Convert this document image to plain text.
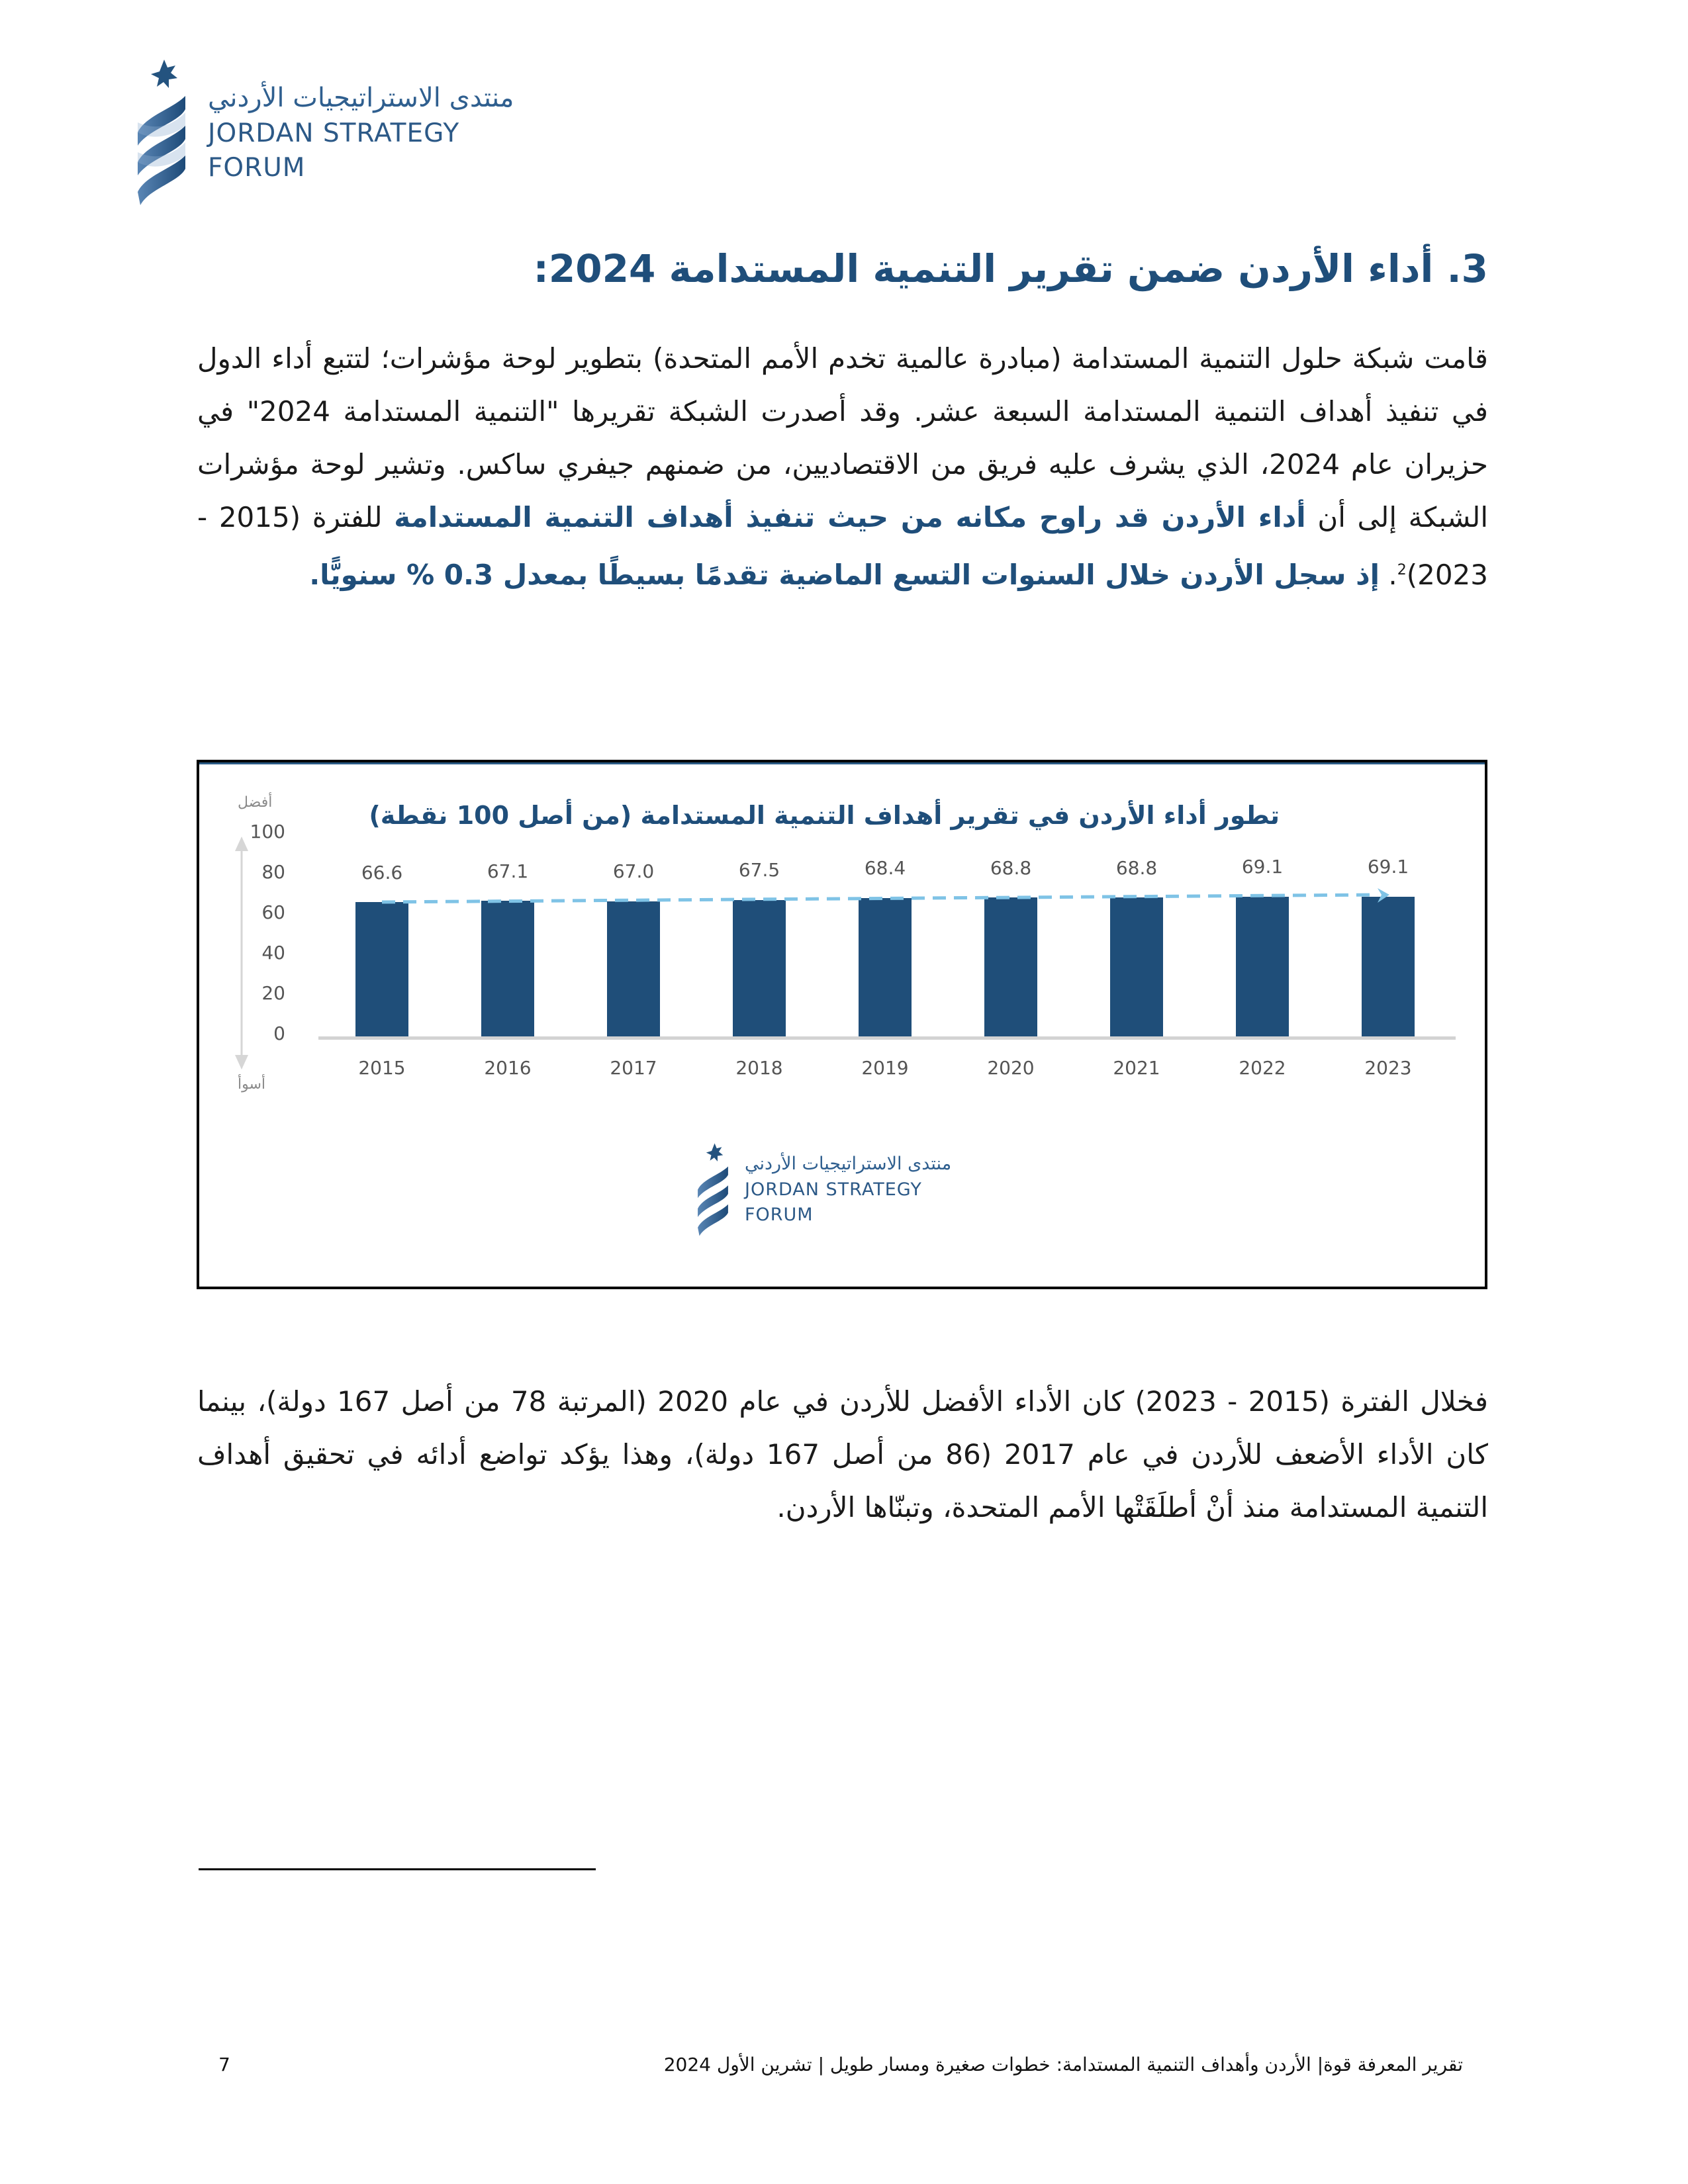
منتدى الاستراتيجيات الأردني
JORDAN STRATEGY FORUM
3. أداء الأردن ضمن تقرير التنمية المستدامة 2024:
قامت شبكة حلول التنمية المستدامة (مبادرة عالمية تخدم الأمم المتحدة) بتطوير لوحة مؤشرات؛ لتتبع أداء الدول في تنفيذ أهداف التنمية المستدامة السبعة عشر. وقد أصدرت الشبكة تقريرها "التنمية المستدامة 2024" في حزيران عام 2024، الذي يشرف عليه فريق من الاقتصاديين، من ضمنهم جيفري ساكس. وتشير لوحة مؤشرات الشبكة إلى أن أداء الأردن قد راوح مكانه من حيث تنفيذ أهداف التنمية المستدامة للفترة (2015 - 2023)$^2$. إذ سجل الأردن خلال السنوات التسع الماضية تقدمًا بسيطًا بمعدل 0.3 % سنويًّا.
تطور أداء الأردن في تقرير أهداف التنمية المستدامة (من أصل 100 نقطة)
أفضل
أسوأ
100
80
60
40
20
0
66.6	67.1	67.0	67.5	68.4	68.8	68.8	69.1	69.1
2015	2016	2017	2018	2019	2020	2021	2022	2023
منتدى الاستراتيجيات الأردني
JORDAN STRATEGY FORUM
فخلال الفترة (2015 - 2023) كان الأداء الأفضل للأردن في عام 2020 (المرتبة 78 من أصل 167 دولة)، بينما كان الأداء الأضعف للأردن في عام 2017 (86 من أصل 167 دولة)، وهذا يؤكد تواضع أدائه في تحقيق أهداف التنمية المستدامة منذ أنْ أطلَقَتْها الأمم المتحدة، وتبنّاها الأردن.
تقرير المعرفة قوة| الأردن وأهداف التنمية المستدامة: خطوات صغيرة ومسار طويل | تشرين الأول 2024
7
